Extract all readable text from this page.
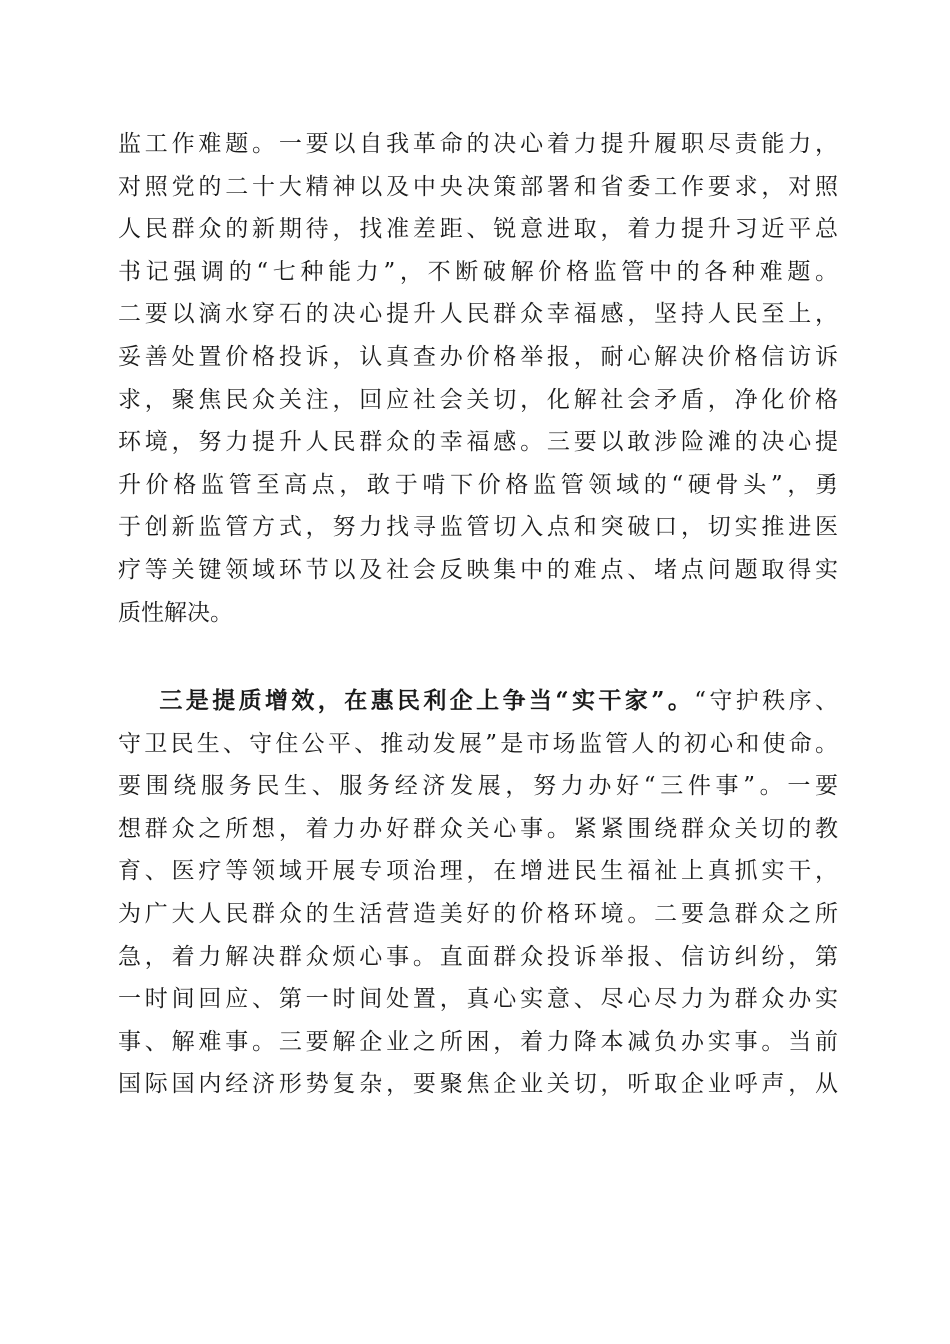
监工作难题。一要以自我革命的决心着力提升履职尽责能力，
对照党的二十大精神以及中央决策部署和省委工作要求，对照
人民群众的新期待，找准差距、锐意进取，着力提升习近平总
书记强调的“七种能力”，不断破解价格监管中的各种难题。
二要以滴水穿石的决心提升人民群众幸福感，坚持人民至上，
妥善处置价格投诉，认真查办价格举报，耐心解决价格信访诉
求，聚焦民众关注，回应社会关切，化解社会矛盾，净化价格
环境，努力提升人民群众的幸福感。三要以敢涉险滩的决心提
升价格监管至高点，敢于啃下价格监管领域的“硬骨头”，勇
于创新监管方式，努力找寻监管切入点和突破口，切实推进医
疗等关键领域环节以及社会反映集中的难点、堵点问题取得实
质性解决。
三是提质增效，在惠民利企上争当“实干家”。“守护秩序、
守卫民生、守住公平、推动发展”是市场监管人的初心和使命。
要围绕服务民生、服务经济发展，努力办好“三件事”。一要
想群众之所想，着力办好群众关心事。紧紧围绕群众关切的教
育、医疗等领域开展专项治理，在增进民生福祉上真抓实干，
为广大人民群众的生活营造美好的价格环境。二要急群众之所
急，着力解决群众烦心事。直面群众投诉举报、信访纠纷，第
一时间回应、第一时间处置，真心实意、尽心尽力为群众办实
事、解难事。三要解企业之所困，着力降本减负办实事。当前
国际国内经济形势复杂，要聚焦企业关切，听取企业呼声，从
